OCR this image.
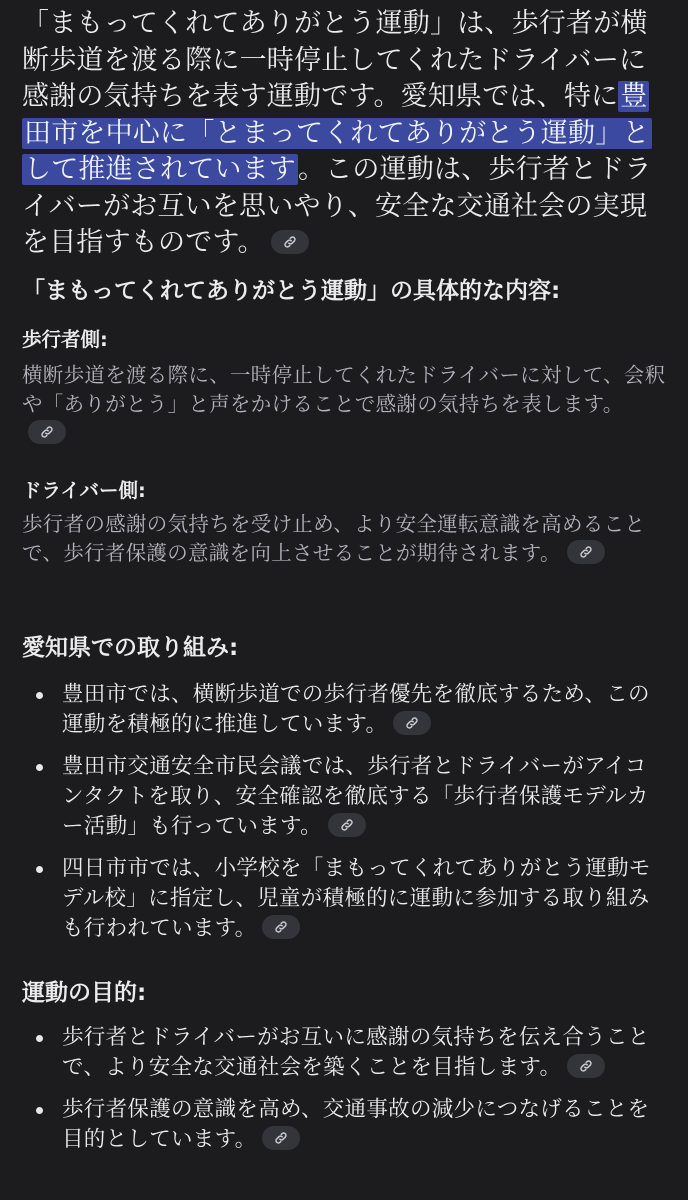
「まもってくれてありがとう運動」は、歩行者が横断歩道を渡る際に一時停止してくれたドライバーに感謝の気持ちを表す運動です。愛知県では、特に豊田市を中心に「とまってくれてありがとう運動」として推進されています。この運動は、歩行者とドライバーがお互いを思いやり、安全な交通社会の実現を目指すものです。
「まもってくれてありがとう運動」の具体的な内容:
歩行者側:
横断歩道を渡る際に、一時停止してくれたドライバーに対して、会釈や「ありがとう」と声をかけることで感謝の気持ちを表します。
ドライバー側:
歩行者の感謝の気持ちを受け止め、より安全運転意識を高めることで、歩行者保護の意識を向上させることが期待されます。
愛知県での取り組み:
豊田市では、横断歩道での歩行者優先を徹底するため、この運動を積極的に推進しています。
豊田市交通安全市民会議では、歩行者とドライバーがアイコンタクトを取り、安全確認を徹底する「歩行者保護モデルカー活動」も行っています。
四日市市では、小学校を「まもってくれてありがとう運動モデル校」に指定し、児童が積極的に運動に参加する取り組みも行われています。
運動の目的:
歩行者とドライバーがお互いに感謝の気持ちを伝え合うことで、より安全な交通社会を築くことを目指します。
歩行者保護の意識を高め、交通事故の減少につなげることを目的としています。
